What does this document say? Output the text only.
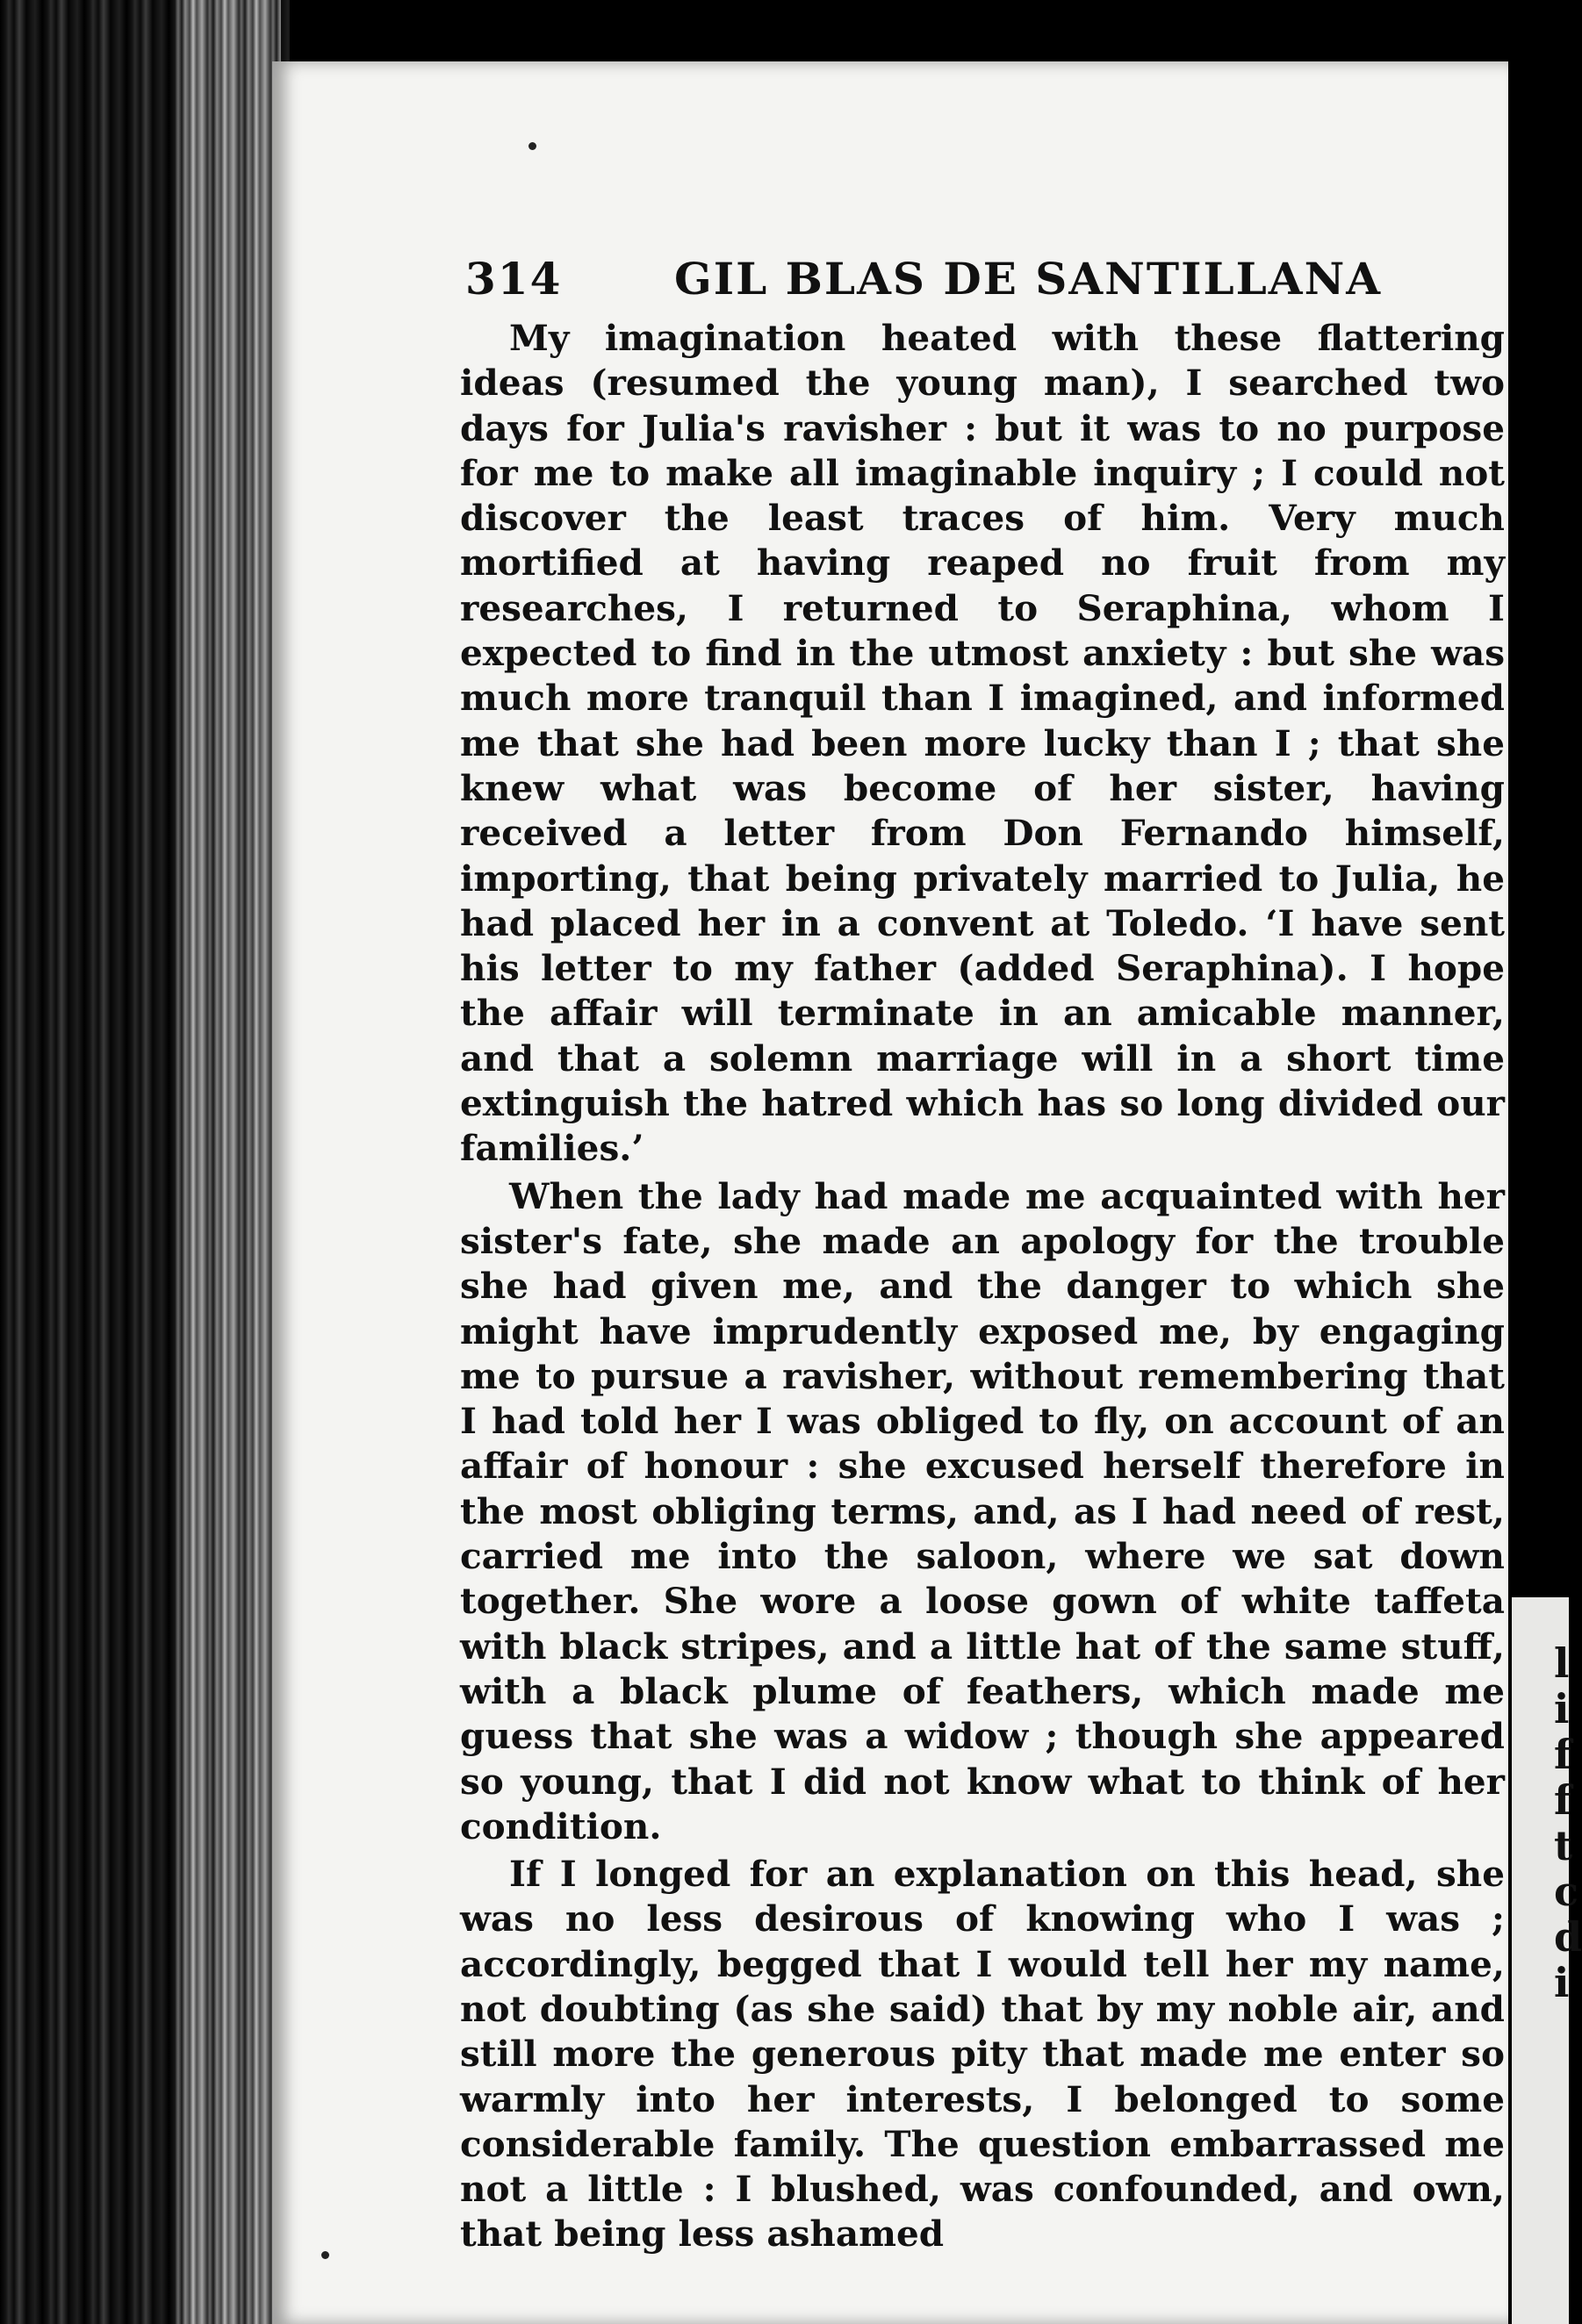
314	GIL BLAS DE SANTILLANA

My imagination heated with these flattering ideas (resumed the young man), I searched two days for Julia's ravisher : but it was to no purpose for me to make all imaginable inquiry ; I could not discover the least traces of him. Very much mortified at having reaped no fruit from my researches, I returned to Seraphina, whom I expected to find in the utmost anxiety : but she was much more tranquil than I imagined, and informed me that she had been more lucky than I ; that she knew what was become of her sister, having received a letter from Don Fernando himself, importing, that being privately married to Julia, he had placed her in a convent at Toledo. ‘I have sent his letter to my father (added Seraphina). I hope the affair will terminate in an amicable manner, and that a solemn marriage will in a short time extinguish the hatred which has so long divided our families.’

When the lady had made me acquainted with her sister's fate, she made an apology for the trouble she had given me, and the danger to which she might have imprudently exposed me, by engaging me to pursue a ravisher, without remembering that I had told her I was obliged to fly, on account of an affair of honour : she excused herself therefore in the most obliging terms, and, as I had need of rest, carried me into the saloon, where we sat down together. She wore a loose gown of white taffeta with black stripes, and a little hat of the same stuff, with a black plume of feathers, which made me guess that she was a widow ; though she appeared so young, that I did not know what to think of her condition.

If I longed for an explanation on this head, she was no less desirous of knowing who I was ; accordingly, begged that I would tell her my name, not doubting (as she said) that by my noble air, and still more the generous pity that made me enter so warmly into her interests, I belonged to some considerable family. The question embarrassed me not a little : I blushed, was confounded, and own, that being less ashamed

l
i
f
f
t
c
d
i
